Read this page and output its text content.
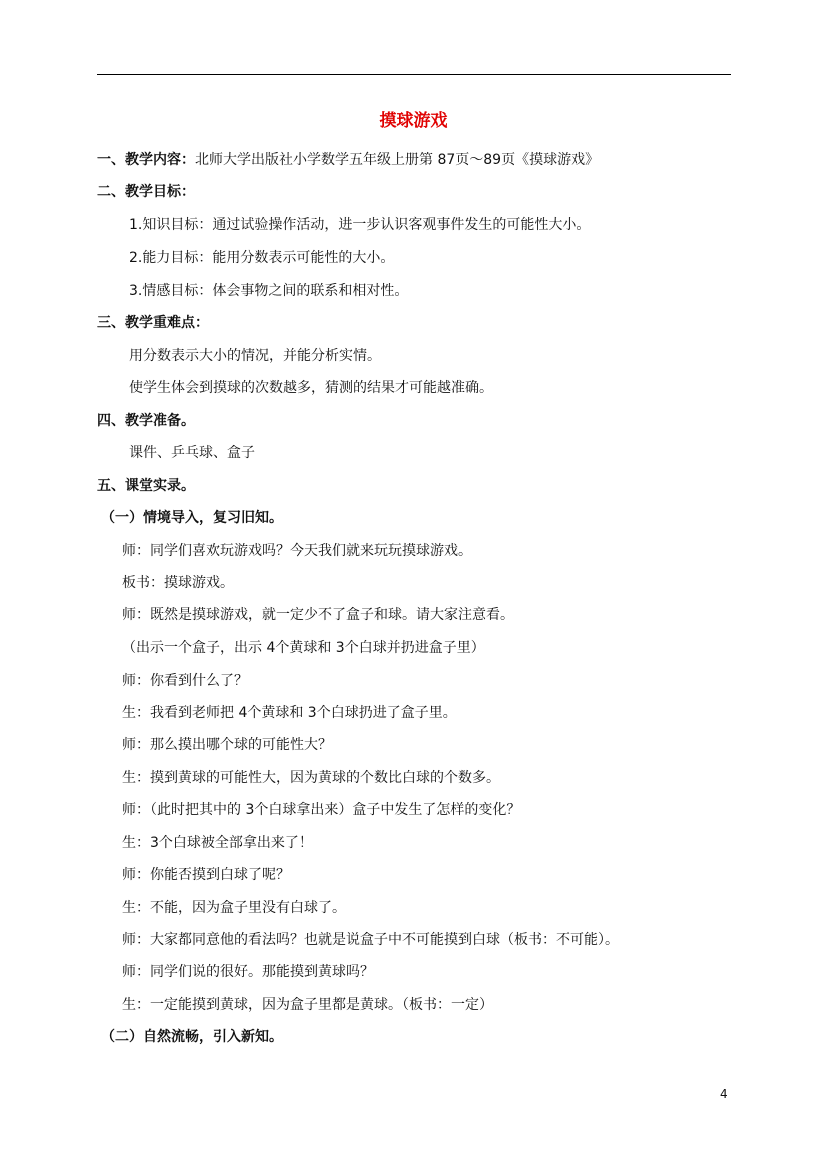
摸球游戏
一、教学内容：北师大学出版社小学数学五年级上册第 87页～89页《摸球游戏》
二、教学目标：
1.知识目标：通过试验操作活动，进一步认识客观事件发生的可能性大小。
2.能力目标：能用分数表示可能性的大小。
3.情感目标：体会事物之间的联系和相对性。
三、教学重难点：
用分数表示大小的情况，并能分析实情。
使学生体会到摸球的次数越多，猜测的结果才可能越准确。
四、教学准备。
课件、乒乓球、盒子
五、课堂实录。
（一）情境导入，复习旧知。
师：同学们喜欢玩游戏吗？今天我们就来玩玩摸球游戏。
板书：摸球游戏。
师：既然是摸球游戏，就一定少不了盒子和球。请大家注意看。
（出示一个盒子，出示 4个黄球和 3个白球并扔进盒子里）
师：你看到什么了？
生：我看到老师把 4个黄球和 3个白球扔进了盒子里。
师：那么摸出哪个球的可能性大？
生：摸到黄球的可能性大，因为黄球的个数比白球的个数多。
师：（此时把其中的 3个白球拿出来）盒子中发生了怎样的变化？
生：3个白球被全部拿出来了！
师：你能否摸到白球了呢？
生：不能，因为盒子里没有白球了。
师：大家都同意他的看法吗？也就是说盒子中不可能摸到白球（板书：不可能）。
师：同学们说的很好。那能摸到黄球吗？
生：一定能摸到黄球，因为盒子里都是黄球。（板书：一定）
（二）自然流畅，引入新知。
4
